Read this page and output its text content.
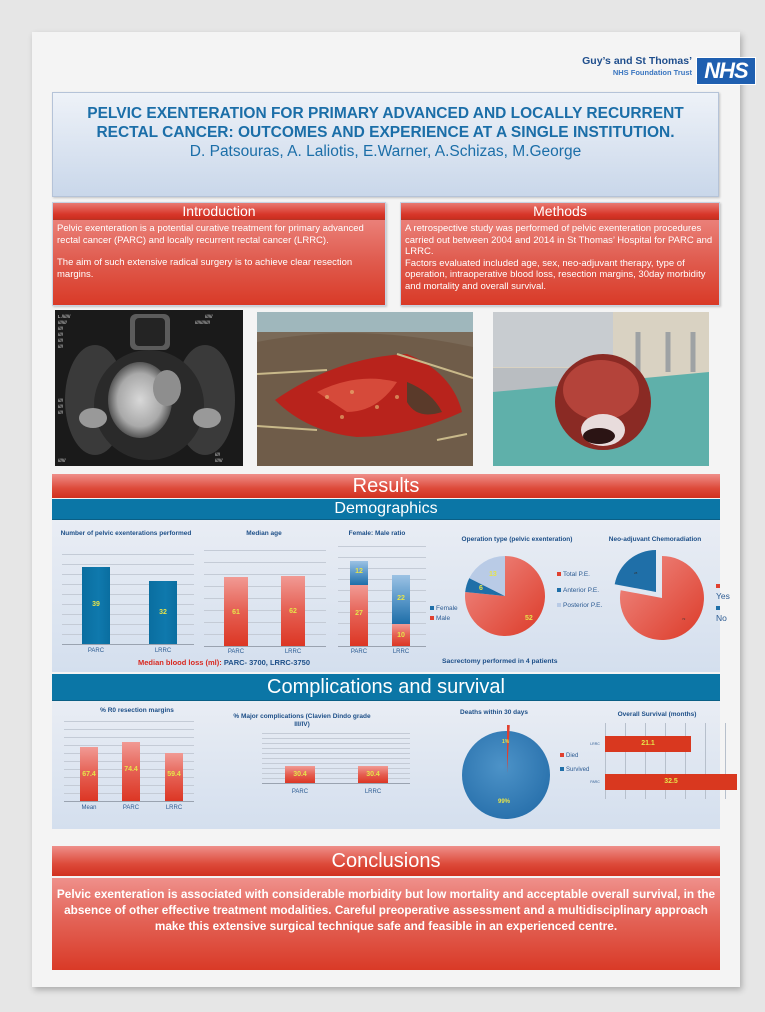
Guy’s and St Thomas’
NHS Foundation Trust NHS
PELVIC EXENTERATION FOR PRIMARY ADVANCED AND LOCALLY RECURRENT RECTAL CANCER: OUTCOMES AND EXPERIENCE AT A SINGLE INSTITUTION.
D. Patsouras, A. Laliotis, E.Warner, A.Schizas, M.George
Introduction
Pelvic exenteration is a potential curative treatment for primary advanced rectal cancer (PARC) and locally recurrent rectal cancer (LRRC).
The aim of such extensive radical surgery is to achieve clear resection margins.
Methods
A retrospective study was performed of pelvic exenteration procedures carried out between 2004 and 2014 in St Thomas’ Hospital for PARC and LRRC.
Factors evaluated included age, sex, neo-adjuvant therapy, type of operation, intraoperative blood loss, resection margins, 30day morbidity and mortality and overall survival.
L ///////
///////
////
////
////
////
//////
////////////
////
////
////
////
//////
//////
Results
Demographics
Number of pelvic exenterations performed
39
32
PARC	LRRC
Median age
61	62
PARC	LRRC
Female: Male ratio
12
27
22
10
PARC	LRRC
Female
Male
Operation type (pelvic exenteration)
52
6
13	Total P.E.
Anterior P.E.
Posterior P.E.
Neo-adjuvant Chemoradiation
72
28
Yes
No
Median blood loss (ml): PARC- 3700, LRRC-3750	Sacrectomy performed in 4 patients
Complications and survival
% R0 resection margins
67.4
74.4
59.4
Mean	PARC	LRRC
% Major complications (Clavien Dindo grade III/IV)
30.4	30.4
PARC	LRRC
Deaths within 30 days
1%
99%
Died
Survived
Overall Survival (months)
21.1
32.5
LRRC
PARC
Conclusions
Pelvic exenteration is associated with considerable morbidity but low mortality and acceptable overall survival, in the absence of other effective treatment modalities. Careful preoperative assessment and a multidisciplinary approach make this extensive surgical technique safe and feasible in an experienced centre.
